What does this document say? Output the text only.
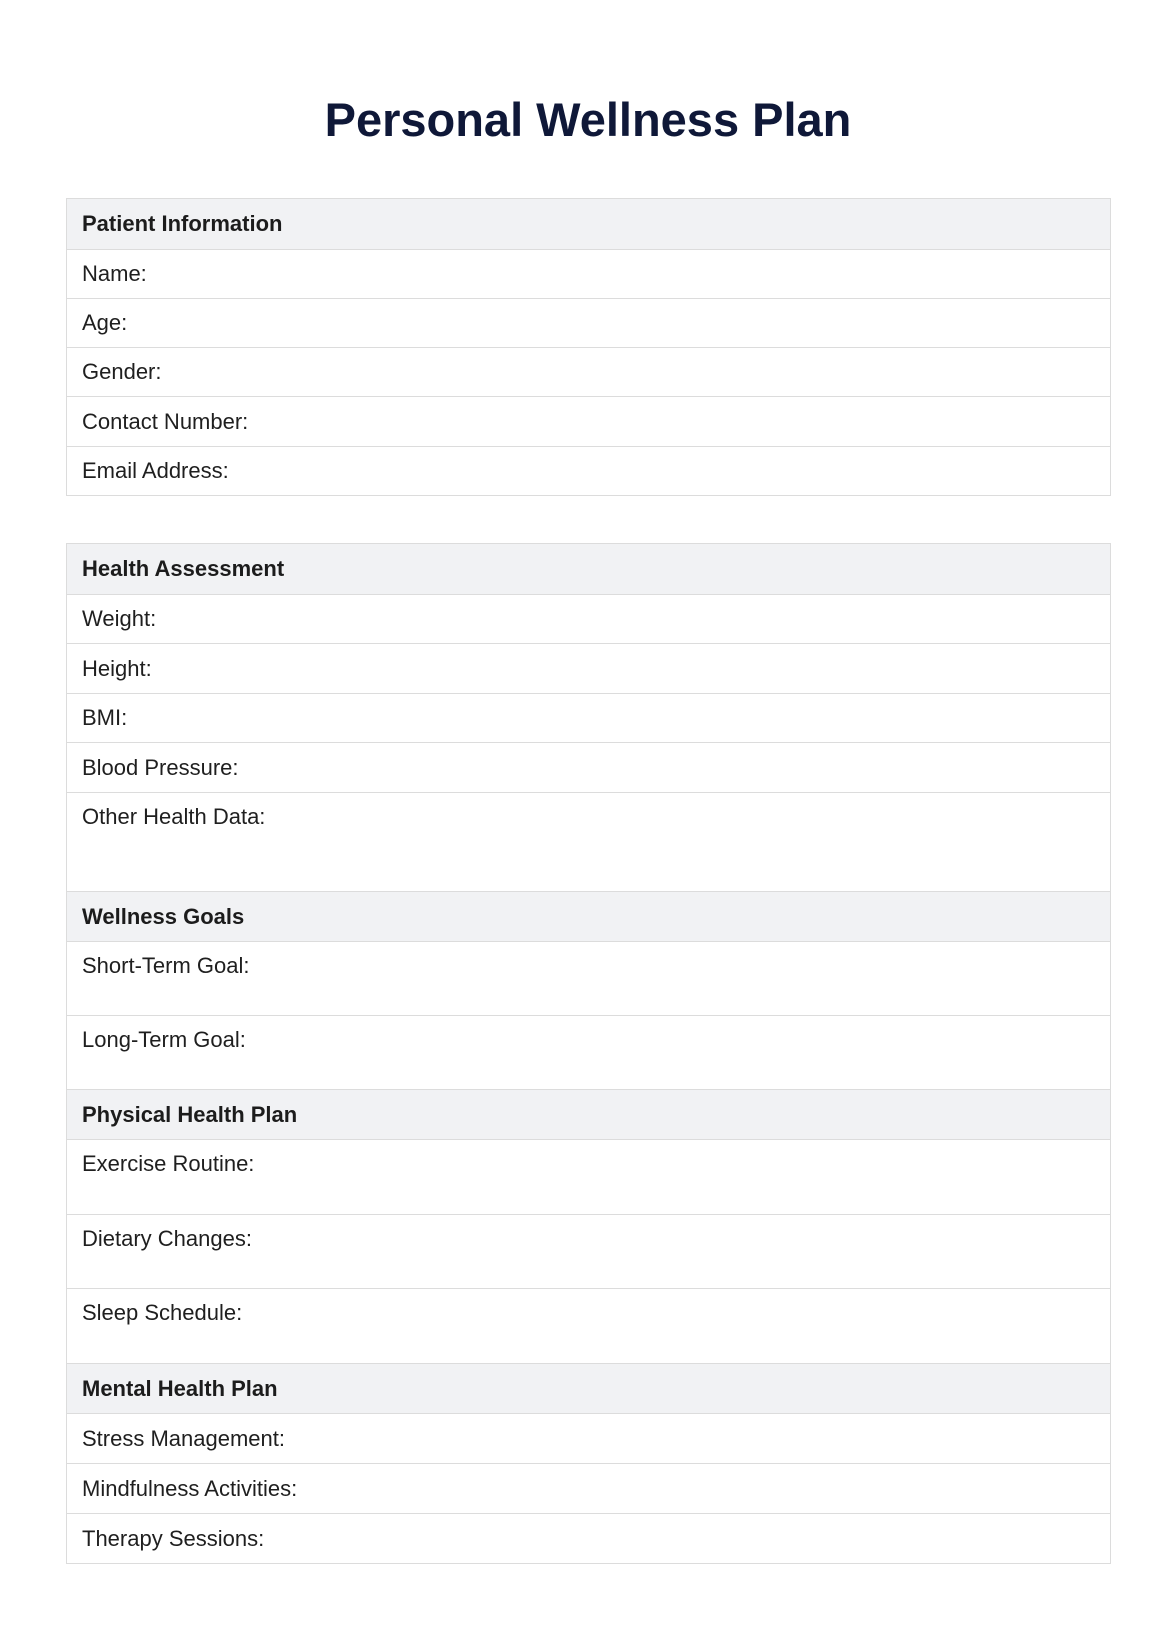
Personal Wellness Plan
Patient Information
Name:
Age:
Gender:
Contact Number:
Email Address:
Health Assessment
Weight:
Height:
BMI:
Blood Pressure:
Other Health Data:
Wellness Goals
Short-Term Goal:
Long-Term Goal:
Physical Health Plan
Exercise Routine:
Dietary Changes:
Sleep Schedule:
Mental Health Plan
Stress Management:
Mindfulness Activities:
Therapy Sessions:
